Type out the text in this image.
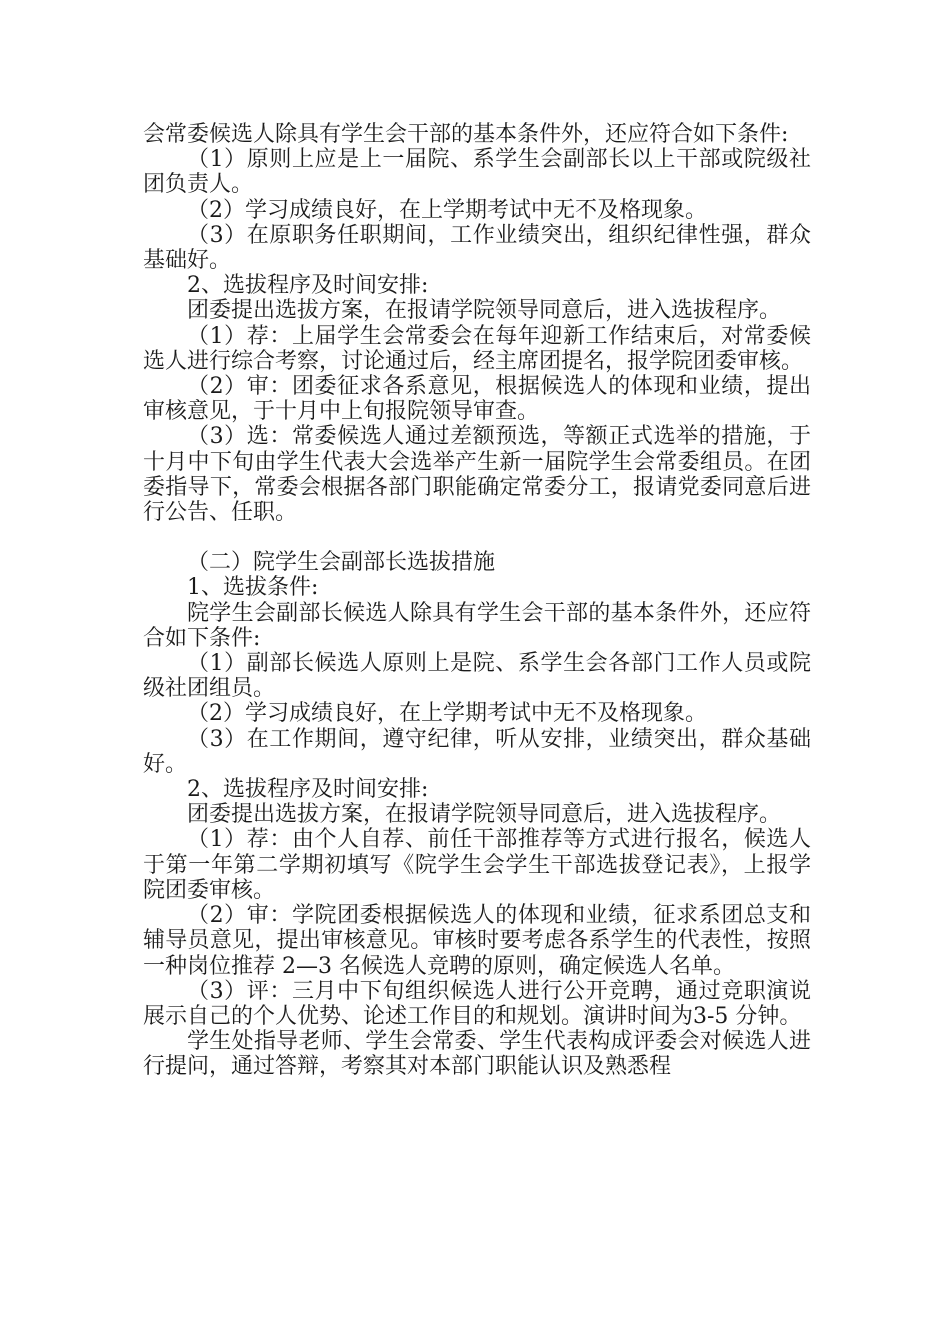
会常委候选人除具有学生会干部的基本条件外，还应符合如下条件:

（1）原则上应是上一届院、系学生会副部长以上干部或院级社团负责人。

（2）学习成绩良好，在上学期考试中无不及格现象。

（3）在原职务任职期间，工作业绩突出，组织纪律性强，群众基础好。

2、选拔程序及时间安排:

团委提出选拔方案，在报请学院领导同意后，进入选拔程序。

（1）荐：上届学生会常委会在每年迎新工作结束后，对常委候选人进行综合考察，讨论通过后，经主席团提名，报学院团委审核。

（2）审：团委征求各系意见，根据候选人的体现和业绩，提出审核意见，于十月中上旬报院领导审查。

（3）选：常委候选人通过差额预选，等额正式选举的措施，于十月中下旬由学生代表大会选举产生新一届院学生会常委组员。在团委指导下，常委会根据各部门职能确定常委分工，报请党委同意后进行公告、任职。

（二）院学生会副部长选拔措施

1、选拔条件:

院学生会副部长候选人除具有学生会干部的基本条件外，还应符合如下条件:

（1）副部长候选人原则上是院、系学生会各部门工作人员或院级社团组员。

（2）学习成绩良好，在上学期考试中无不及格现象。

（3）在工作期间，遵守纪律，听从安排，业绩突出，群众基础好。

2、选拔程序及时间安排:

团委提出选拔方案，在报请学院领导同意后，进入选拔程序。

（1）荐：由个人自荐、前任干部推荐等方式进行报名，候选人于第一年第二学期初填写《院学生会学生干部选拔登记表》，上报学院团委审核。

（2）审：学院团委根据候选人的体现和业绩，征求系团总支和辅导员意见，提出审核意见。审核时要考虑各系学生的代表性，按照一种岗位推荐 2—3 名候选人竞聘的原则，确定候选人名单。

（3）评：三月中下旬组织候选人进行公开竞聘，通过竞职演说展示自己的个人优势、论述工作目的和规划。演讲时间为3-5 分钟。

学生处指导老师、学生会常委、学生代表构成评委会对候选人进行提问，通过答辩，考察其对本部门职能认识及熟悉程
